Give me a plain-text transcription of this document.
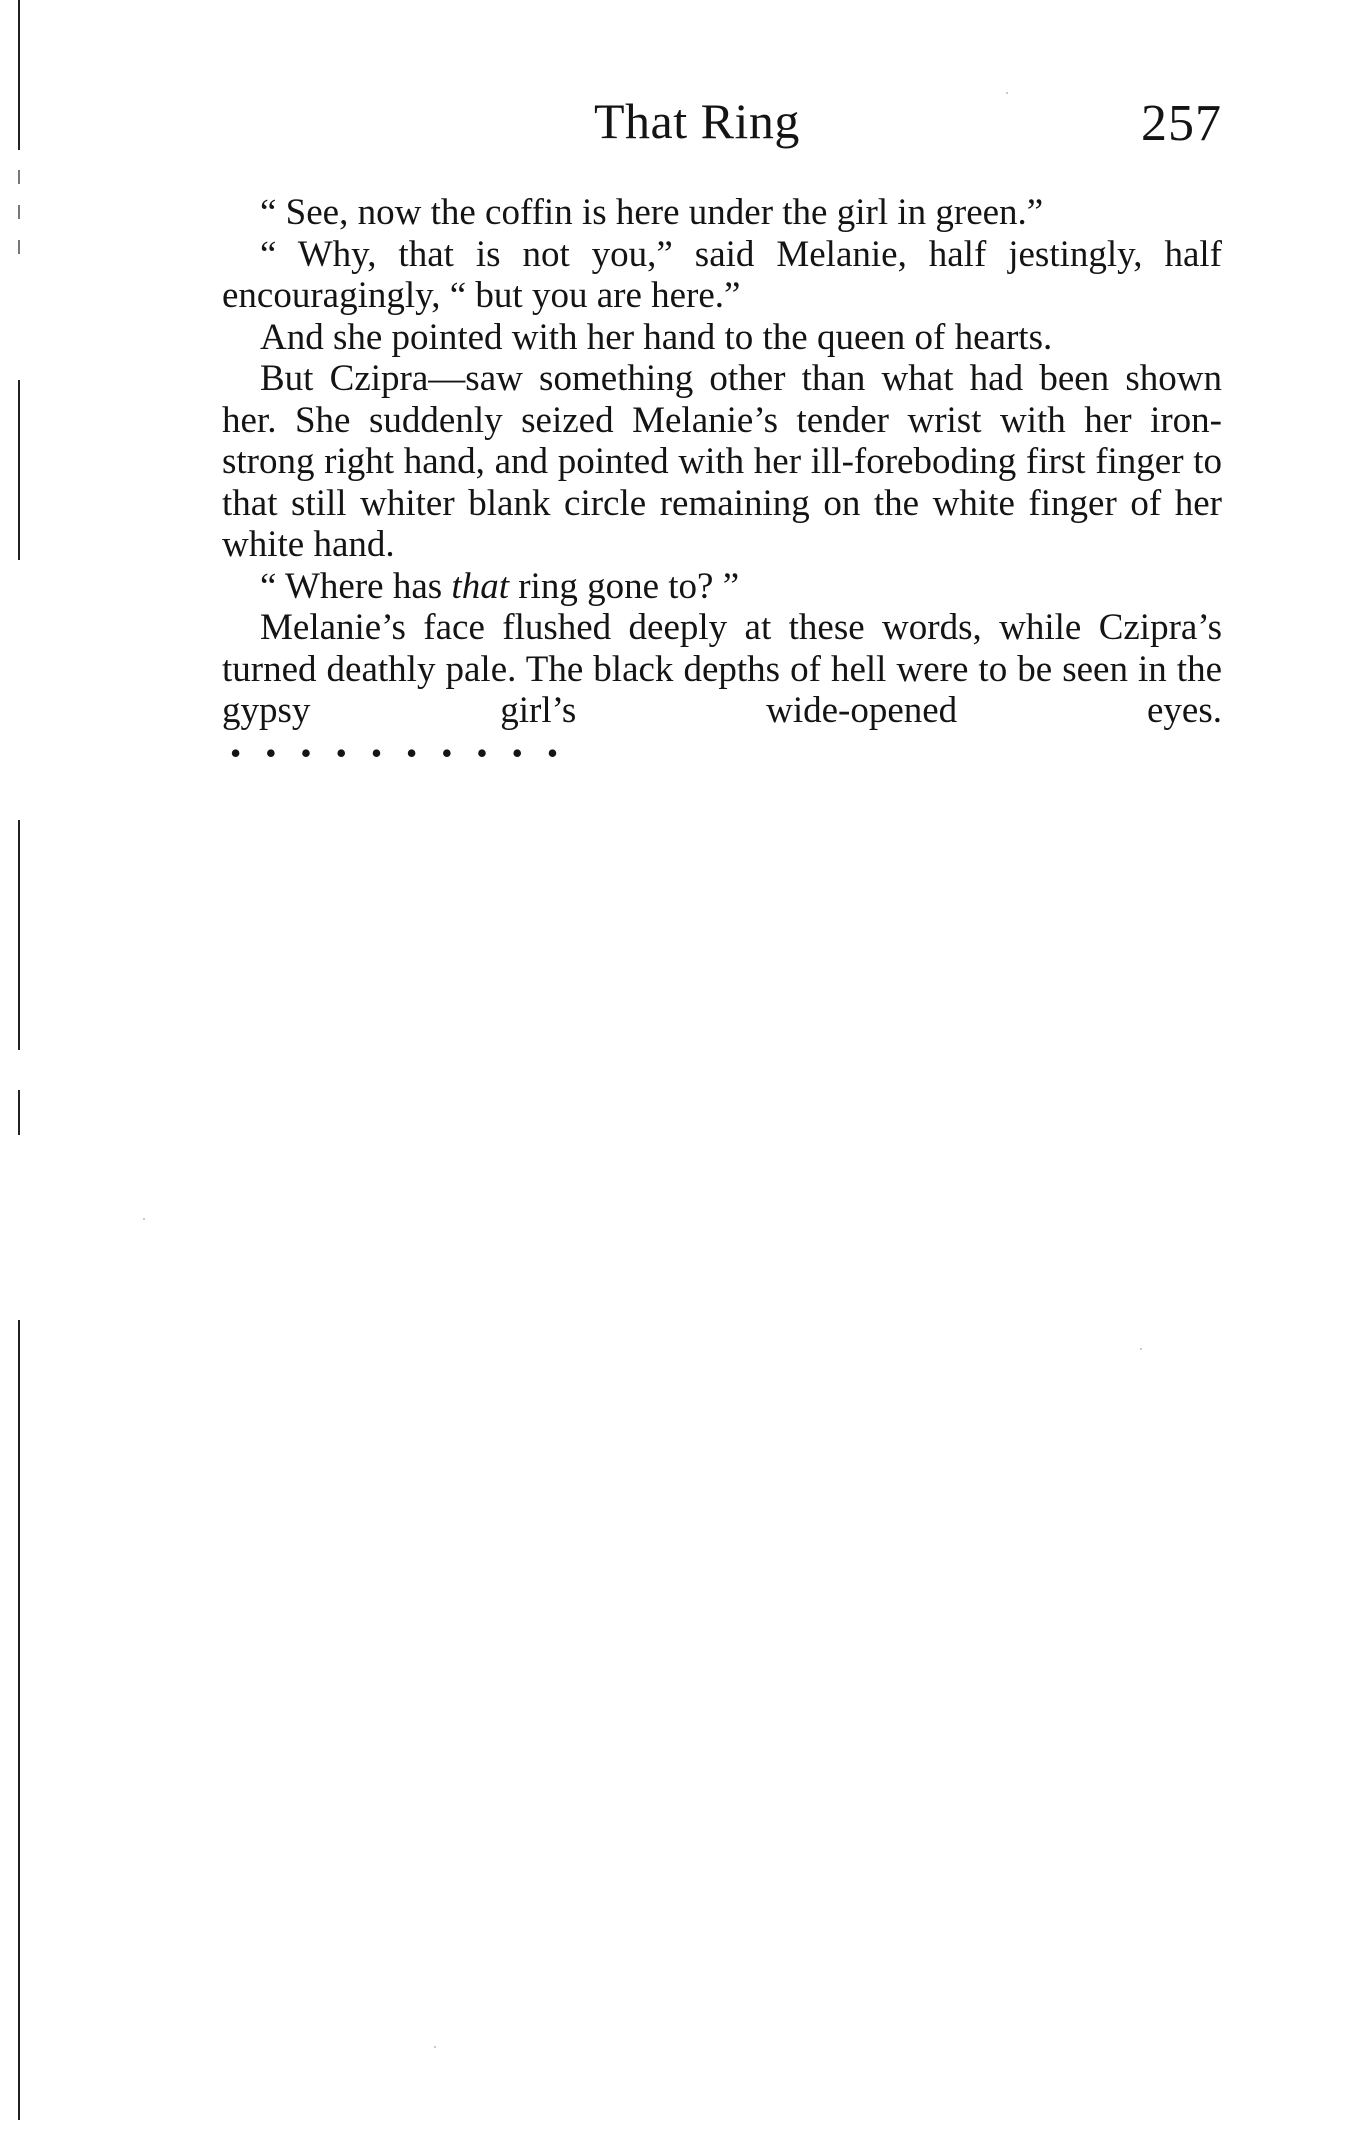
That Ring	257

“ See, now the coffin is here under the girl in green.”

“ Why, that is not you,” said Melanie, half jestingly, half encouragingly, “ but you are here.”

And she pointed with her hand to the queen of hearts.

But Czipra—saw something other than what had been shown her. She suddenly seized Melanie’s tender wrist with her iron-strong right hand, and pointed with her ill-foreboding first finger to that still whiter blank circle remaining on the white finger of her white hand.

“ Where has that ring gone to? ”

Melanie’s face flushed deeply at these words, while Czipra’s turned deathly pale. The black depths of hell were to be seen in the gypsy girl’s wide-opened eyes.

• • • • • • • • • •
